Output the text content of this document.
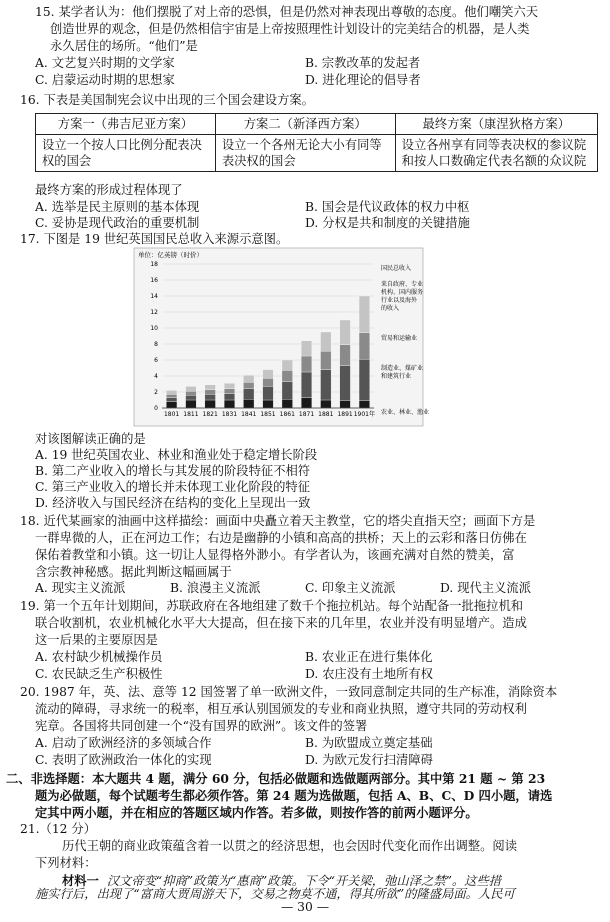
15. 某学者认为：他们摆脱了对上帝的恐惧，但是仍然对神表现出尊敬的态度。他们嘲笑六天
创造世界的观念，但是仍然相信宇宙是上帝按照理性计划设计的完美结合的机器，是人类
永久居住的场所。“他们”是
A. 文艺复兴时期的文学家	B. 宗教改革的发起者
C. 启蒙运动时期的思想家	D. 进化理论的倡导者
16. 下表是美国制宪会议中出现的三个国会建设方案。
方案一（弗吉尼亚方案）	方案二（新泽西方案）	最终方案（康涅狄格方案）
设立一个按人口比例分配表决权的国会	设立一个各州无论大小有同等表决权的国会	设立各州享有同等表决权的参议院和按人口数确定代表名额的众议院
最终方案的形成过程体现了
A. 选举是民主原则的基本体现	B. 国会是代议政体的权力中枢
C. 妥协是现代政治的重要机制	D. 分权是共和制度的关键措施
17. 下图是 19 世纪英国国民总收入来源示意图。
单位：亿英镑（时价）
0
2
4
6
8
10
12
14
16
18
1801 1811 1821 1831 1841 1851 1861 1871 1881 1891 1901年
国民总收入
来自政府、专业机构、国内服务行业以及海外的收入
贸易和运输业
制造业、煤矿业和建筑行业
农业、林业、渔业
对该图解读正确的是
A. 19 世纪英国农业、林业和渔业处于稳定增长阶段
B. 第二产业收入的增长与其发展的阶段特征不相符
C. 第三产业收入的增长并未体现工业化阶段的特征
D. 经济收入与国民经济在结构的变化上呈现出一致
18. 近代某画家的油画中这样描绘：画面中央矗立着天主教堂，它的塔尖直指天空；画面下方是
一群卑微的人，正在河边工作；右边是幽静的小镇和高高的拱桥；天上的云彩和落日仿佛在
保佑着教堂和小镇。这一切让人显得格外渺小。有学者认为，该画充满对自然的赞美，富
含宗教神秘感。据此判断这幅画属于
A. 现实主义流派	B. 浪漫主义流派	C. 印象主义流派	D. 现代主义流派
19. 第一个五年计划期间，苏联政府在各地组建了数千个拖拉机站。每个站配备一批拖拉机和
联合收割机，农业机械化水平大大提高，但在接下来的几年里，农业并没有明显增产。造成
这一后果的主要原因是
A. 农村缺少机械操作员	B. 农业正在进行集体化
C. 农民缺乏生产积极性	D. 农庄没有土地所有权
20. 1987 年，英、法、意等 12 国签署了单一欧洲文件，一致同意制定共同的生产标准，消除资本
流动的障碍，寻求统一的税率，相互承认别国颁发的专业和商业执照，遵守共同的劳动权利
宪章。各国将共同创建一个“没有国界的欧洲”。该文件的签署
A. 启动了欧洲经济的多领域合作	B. 为欧盟成立奠定基础
C. 表明了欧洲政治一体化的实现	D. 为欧元发行扫清障碍
二、非选择题：本大题共 4 题，满分 60 分，包括必做题和选做题两部分。其中第 21 题 ~ 第 23
题为必做题，每个试题考生都必须作答。第 24 题为选做题，包括 A、B、C、D 四小题，请选
定其中两小题，并在相应的答题区域内作答。若多做，则按作答的前两小题评分。
21.（12 分）
历代王朝的商业政策蕴含着一以贯之的经济思想，也会因时代变化而作出调整。阅读
下列材料：
材料一 汉文帝变“抑商”政策为“惠商”政策。下令“开关梁，弛山泽之禁”。这些措
施实行后，出现了“富商大贾周游天下，交易之物莫不通，得其所欲”的隆盛局面。人民可
— 30 —
